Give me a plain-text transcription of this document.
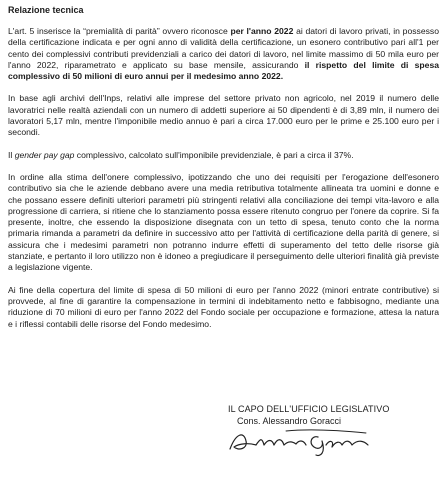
Relazione tecnica

L'art. 5 inserisce la “premialità di parità” ovvero riconosce per l'anno 2022 ai datori di lavoro privati, in possesso della certificazione indicata e per ogni anno di validità della certificazione, un esonero contributivo pari all'1 per cento dei complessivi contributi previdenziali a carico dei datori di lavoro, nel limite massimo di 50 mila euro per l'anno 2022, riparametrato e applicato su base mensile, assicurando il rispetto del limite di spesa complessivo di 50 milioni di euro annui per il medesimo anno 2022.

In base agli archivi dell'Inps, relativi alle imprese del settore privato non agricolo, nel 2019 il numero delle lavoratrici nelle realtà aziendali con un numero di addetti superiore ai 50 dipendenti è di 3,89 mln, il numero dei lavoratori 5,17 mln, mentre l'imponibile medio annuo è pari a circa 17.000 euro per le prime e 25.100 euro per i secondi.

Il gender pay gap complessivo, calcolato sull'imponibile previdenziale, è pari a circa il 37%.

In ordine alla stima dell'onere complessivo, ipotizzando che uno dei requisiti per l'erogazione dell'esonero contributivo sia che le aziende debbano avere una media retributiva totalmente allineata tra uomini e donne e che possano essere definiti ulteriori parametri più stringenti relativi alla conciliazione dei tempi vita-lavoro e alla progressione di carriera, si ritiene che lo stanziamento possa essere ritenuto congruo per l'onere da coprire. Si fa presente, inoltre, che essendo la disposizione disegnata con un tetto di spesa, tenuto conto che la norma primaria rimanda a parametri da definire in successivo atto per l'attività di certificazione della parità di genere, si assicura che i medesimi parametri non potranno indurre effetti di superamento del tetto delle risorse già stanziate, e pertanto il loro utilizzo non è idoneo a pregiudicare il perseguimento delle ulteriori finalità già previste a legislazione vigente.

Ai fine della copertura del limite di spesa di 50 milioni di euro per l'anno 2022 (minori entrate contributive) si provvede, al fine di garantire la compensazione in termini di indebitamento netto e fabbisogno, mediante una riduzione di 70 milioni di euro per l'anno 2022 del Fondo sociale per occupazione e formazione, attesa la natura e i riflessi contabili delle risorse del Fondo medesimo.

IL CAPO DELL'UFFICIO LEGISLATIVO
Cons. Alessandro Goracci
